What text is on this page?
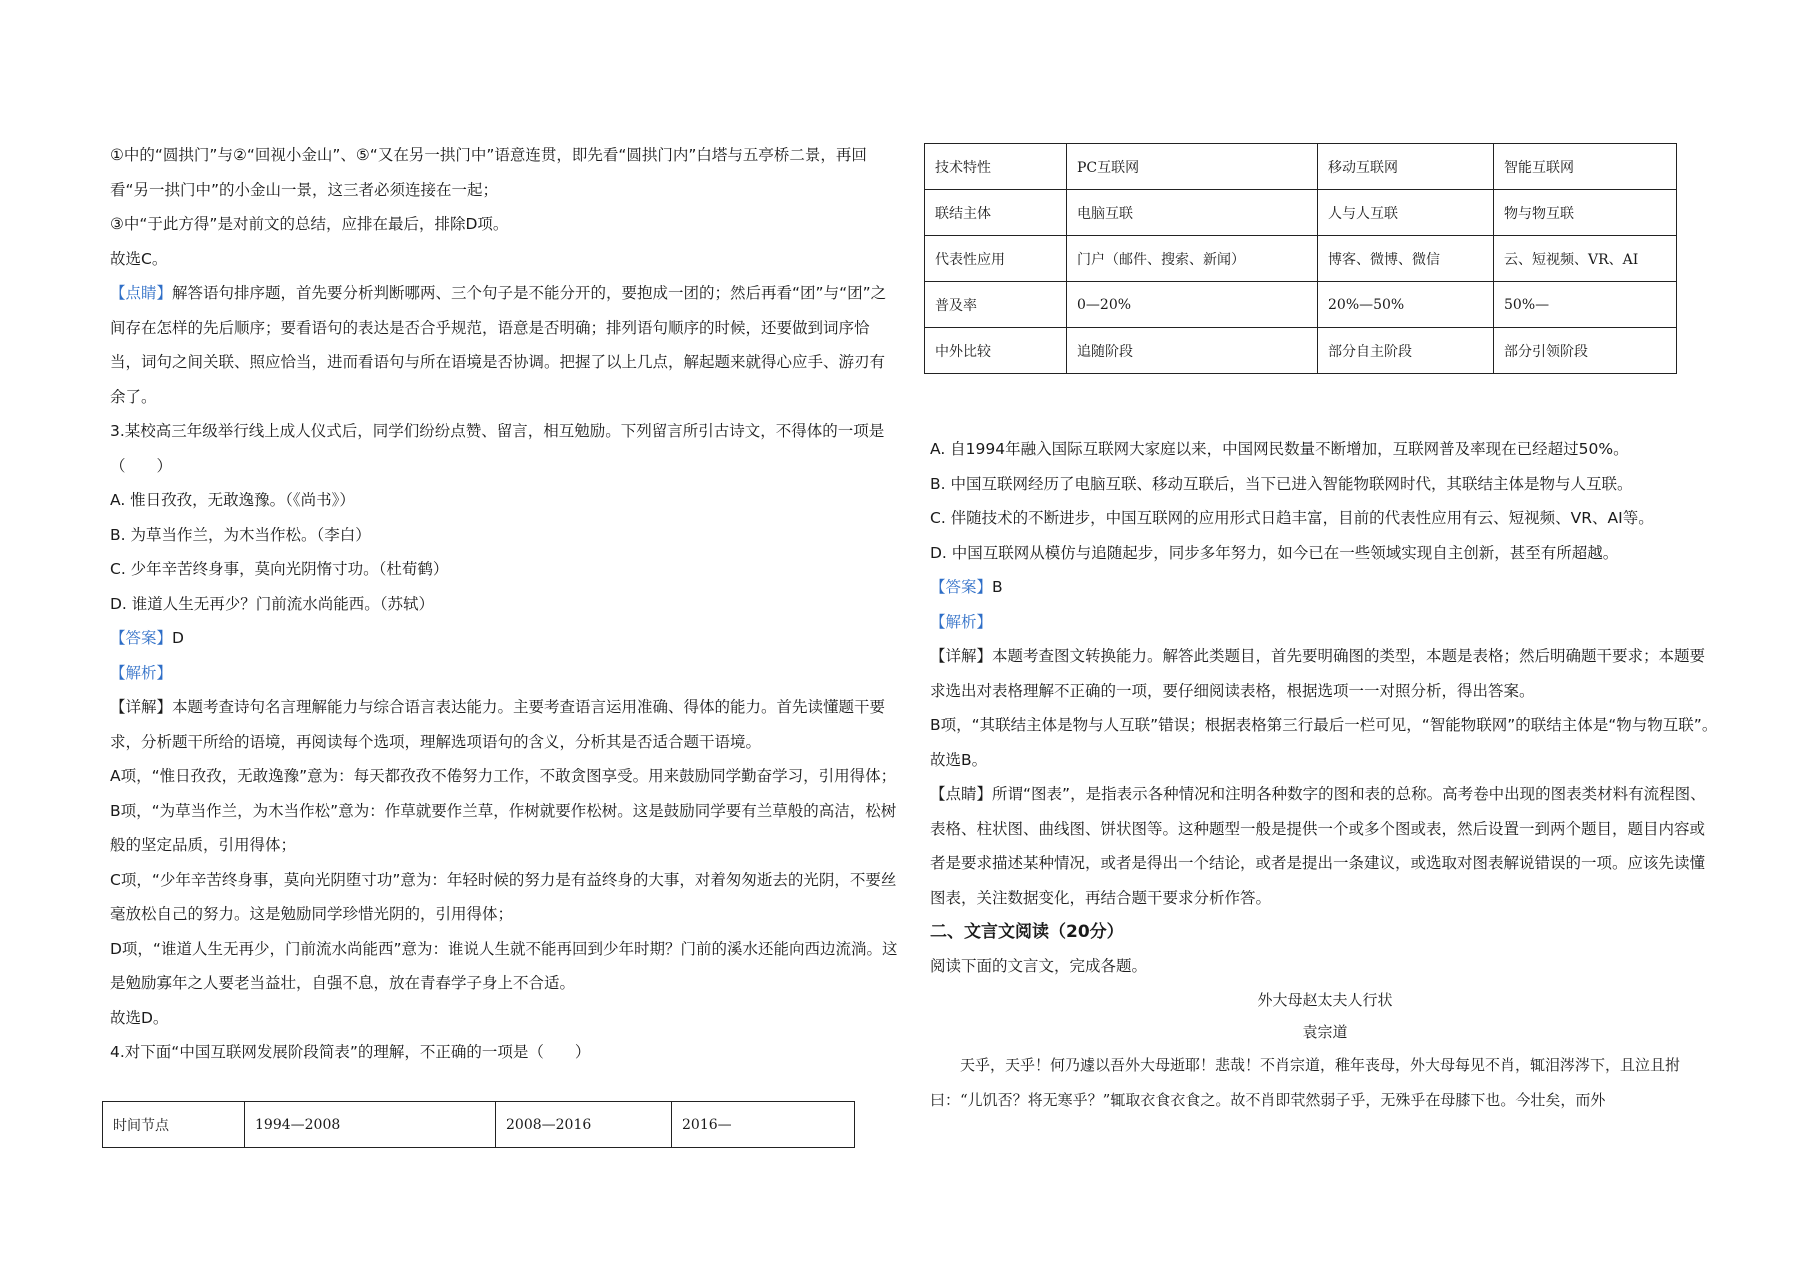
①中的“圆拱门”与②“回视小金山”、⑤“又在另一拱门中”语意连贯，即先看“圆拱门内”白塔与五亭桥二景，再回看“另一拱门中”的小金山一景，这三者必须连接在一起；

③中“于此方得”是对前文的总结，应排在最后，排除D项。

故选C。

【点睛】解答语句排序题，首先要分析判断哪两、三个句子是不能分开的，要抱成一团的；然后再看“团”与“团”之间存在怎样的先后顺序；要看语句的表达是否合乎规范，语意是否明确；排列语句顺序的时候，还要做到词序恰当，词句之间关联、照应恰当，进而看语句与所在语境是否协调。把握了以上几点，解起题来就得心应手、游刃有余了。

3.某校高三年级举行线上成人仪式后，同学们纷纷点赞、留言，相互勉励。下列留言所引古诗文，不得体的一项是（　　）

A. 惟日孜孜，无敢逸豫。（《尚书》）

B. 为草当作兰，为木当作松。（李白）

C. 少年辛苦终身事，莫向光阴惰寸功。（杜荀鹤）

D. 谁道人生无再少？门前流水尚能西。（苏轼）

【答案】D

【解析】

【详解】本题考查诗句名言理解能力与综合语言表达能力。主要考查语言运用准确、得体的能力。首先读懂题干要求，分析题干所给的语境，再阅读每个选项，理解选项语句的含义，分析其是否适合题干语境。

A项，“惟日孜孜，无敢逸豫”意为：每天都孜孜不倦努力工作，不敢贪图享受。用来鼓励同学勤奋学习，引用得体；

B项，“为草当作兰，为木当作松”意为：作草就要作兰草，作树就要作松树。这是鼓励同学要有兰草般的高洁，松树般的坚定品质，引用得体；

C项，“少年辛苦终身事，莫向光阴堕寸功”意为：年轻时候的努力是有益终身的大事，对着匆匆逝去的光阴，不要丝毫放松自己的努力。这是勉励同学珍惜光阴的，引用得体；

D项，“谁道人生无再少，门前流水尚能西”意为：谁说人生就不能再回到少年时期？门前的溪水还能向西边流淌。这是勉励寡年之人要老当益壮，自强不息，放在青春学子身上不合适。

故选D。

4.对下面“中国互联网发展阶段简表”的理解，不正确的一项是（　　）

时间节点	1994—2008	2008—2016	2016—
技术特性	PC互联网	移动互联网	智能互联网
联结主体	电脑互联	人与人互联	物与物互联
代表性应用	门户（邮件、搜索、新闻）	博客、微博、微信	云、短视频、VR、AI
普及率	0—20%	20%—50%	50%—
中外比较	追随阶段	部分自主阶段	部分引领阶段

A. 自1994年融入国际互联网大家庭以来，中国网民数量不断增加，互联网普及率现在已经超过50%。

B. 中国互联网经历了电脑互联、移动互联后，当下已进入智能物联网时代，其联结主体是物与人互联。

C. 伴随技术的不断进步，中国互联网的应用形式日趋丰富，目前的代表性应用有云、短视频、VR、AI等。

D. 中国互联网从模仿与追随起步，同步多年努力，如今已在一些领域实现自主创新，甚至有所超越。

【答案】B

【解析】

【详解】本题考查图文转换能力。解答此类题目，首先要明确图的类型，本题是表格；然后明确题干要求；本题要求选出对表格理解不正确的一项，要仔细阅读表格，根据选项一一对照分析，得出答案。

B项，“其联结主体是物与人互联”错误；根据表格第三行最后一栏可见，“智能物联网”的联结主体是“物与物互联”。

故选B。

【点睛】所谓“图表”，是指表示各种情况和注明各种数字的图和表的总称。高考卷中出现的图表类材料有流程图、表格、柱状图、曲线图、饼状图等。这种题型一般是提供一个或多个图或表，然后设置一到两个题目，题目内容或者是要求描述某种情况，或者是得出一个结论，或者是提出一条建议，或选取对图表解说错误的一项。应该先读懂图表，关注数据变化，再结合题干要求分析作答。

二、文言文阅读（20分）

阅读下面的文言文，完成各题。

外大母赵太夫人行状

袁宗道

天乎，天乎！何乃遽以吾外大母逝耶！悲哉！不肖宗道，稚年丧母，外大母每见不肖，辄泪涔涔下，且泣且拊曰：“儿饥否？将无寒乎？”辄取衣食衣食之。故不肖即茕然弱子乎，无殊乎在母膝下也。今壮矣，而外
